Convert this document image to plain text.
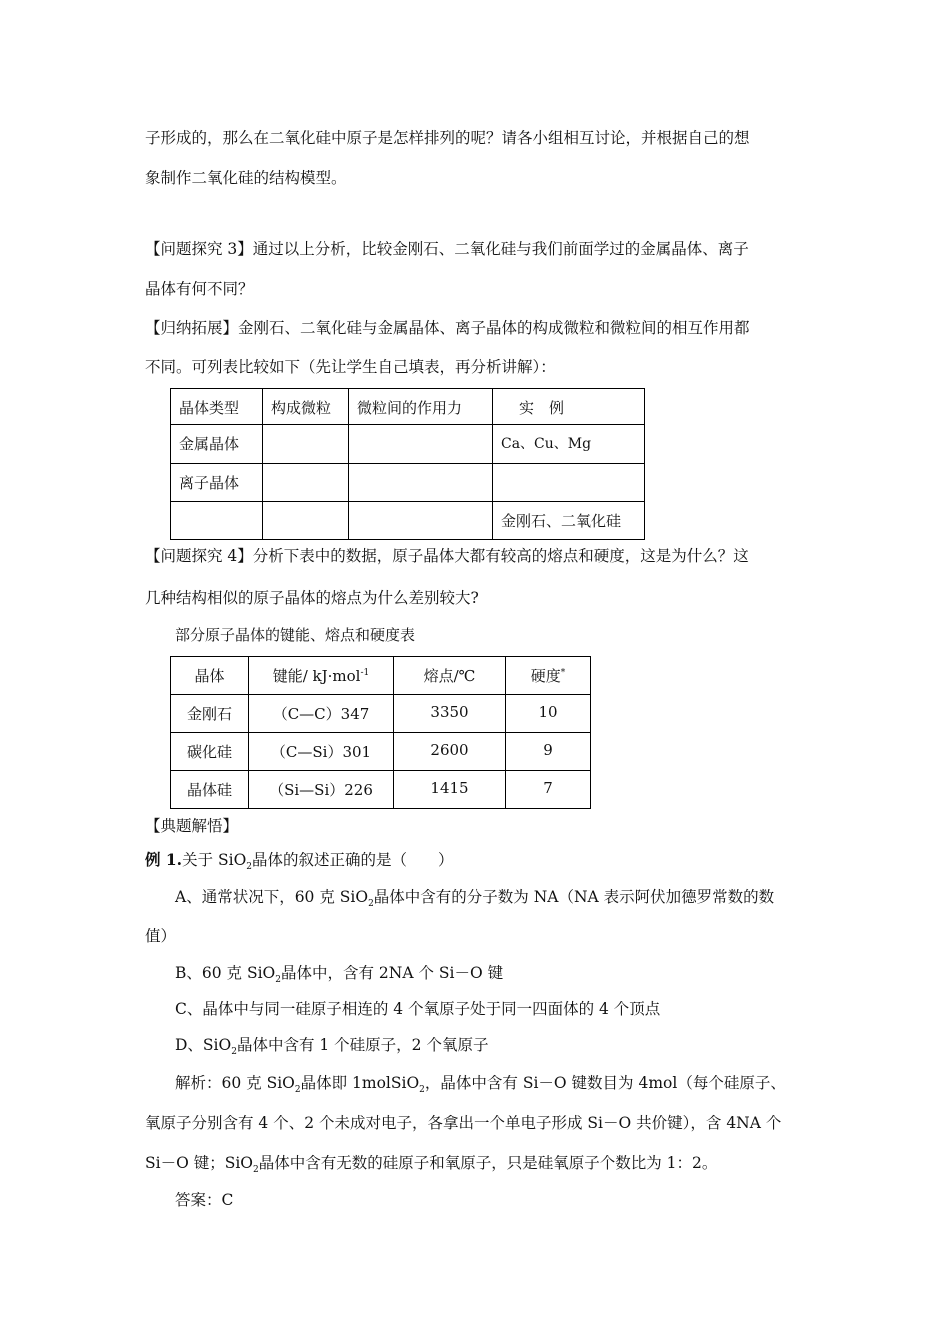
子形成的，那么在二氧化硅中原子是怎样排列的呢？请各小组相互讨论，并根据自己的想
象制作二氧化硅的结构模型。
【问题探究 3】通过以上分析，比较金刚石、二氧化硅与我们前面学过的金属晶体、离子
晶体有何不同？
【归纳拓展】金刚石、二氧化硅与金属晶体、离子晶体的构成微粒和微粒间的相互作用都
不同。可列表比较如下（先让学生自己填表，再分析讲解）：
晶体类型	构成微粒	微粒间的作用力	实　例
金属晶体			Ca、Cu、Mg
离子晶体			
			金刚石、二氧化硅
【问题探究 4】分析下表中的数据，原子晶体大都有较高的熔点和硬度，这是为什么？这
几种结构相似的原子晶体的熔点为什么差别较大?
部分原子晶体的键能、熔点和硬度表
晶体	键能/ kJ·mol$^{-1}$	熔点/℃	硬度*
金刚石	（C—C）347	3350	10
碳化硅	（C—Si）301	2600	9
晶体硅	（Si—Si）226	1415	7
【典题解悟】
例 1.关于 SiO$_2$晶体的叙述正确的是（　　）
A、通常状况下，60 克 SiO$_2$晶体中含有的分子数为 NA（NA 表示阿伏加德罗常数的数
值）
B、60 克 SiO$_2$晶体中，含有 2NA 个 Si－O 键
C、晶体中与同一硅原子相连的 4 个氧原子处于同一四面体的 4 个顶点
D、SiO$_2$晶体中含有 1 个硅原子，2 个氧原子
解析：60 克 SiO$_2$晶体即 1molSiO$_2$，晶体中含有 Si－O 键数目为 4mol（每个硅原子、
氧原子分别含有 4 个、2 个未成对电子，各拿出一个单电子形成 Si－O 共价键），含 4NA 个
Si－O 键；SiO$_2$晶体中含有无数的硅原子和氧原子，只是硅氧原子个数比为 1：2。
答案：C
